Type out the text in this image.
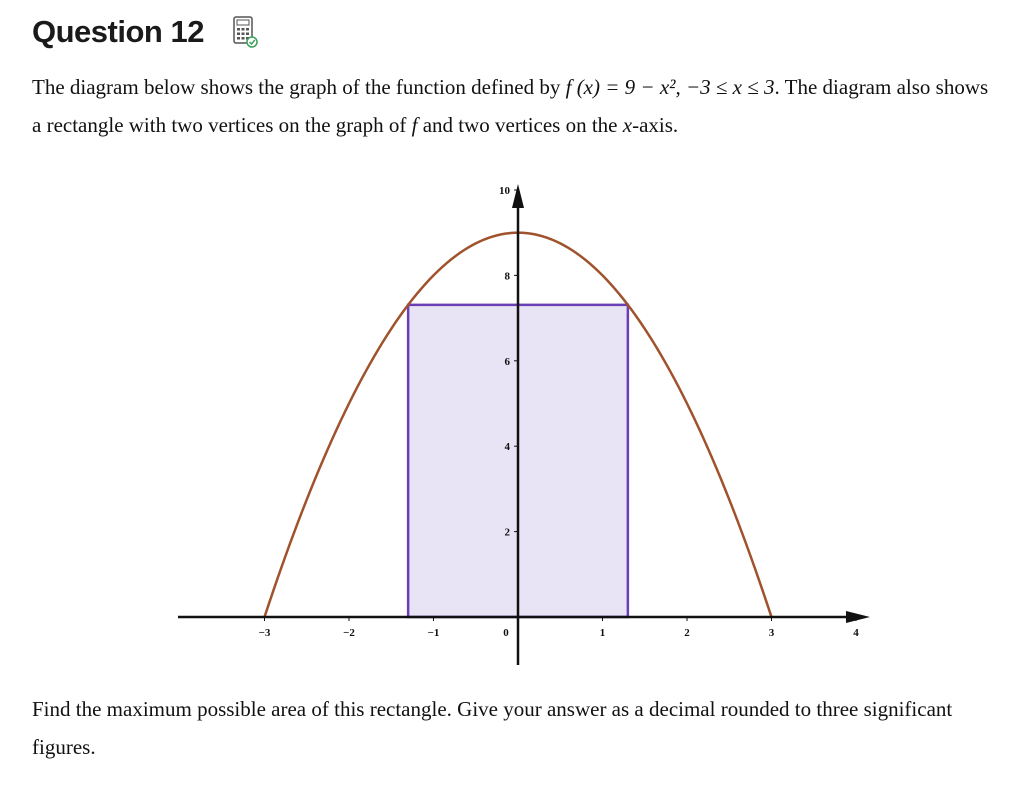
Question 12
The diagram below shows the graph of the function defined by f (x) = 9 − x², −3 ≤ x ≤ 3. The diagram also shows a rectangle with two vertices on the graph of f and two vertices on the x-axis.
−3	−2	−1	0	1	2	3	4
2
4
6
8
10
Find the maximum possible area of this rectangle. Give your answer as a decimal rounded to three significant figures.
